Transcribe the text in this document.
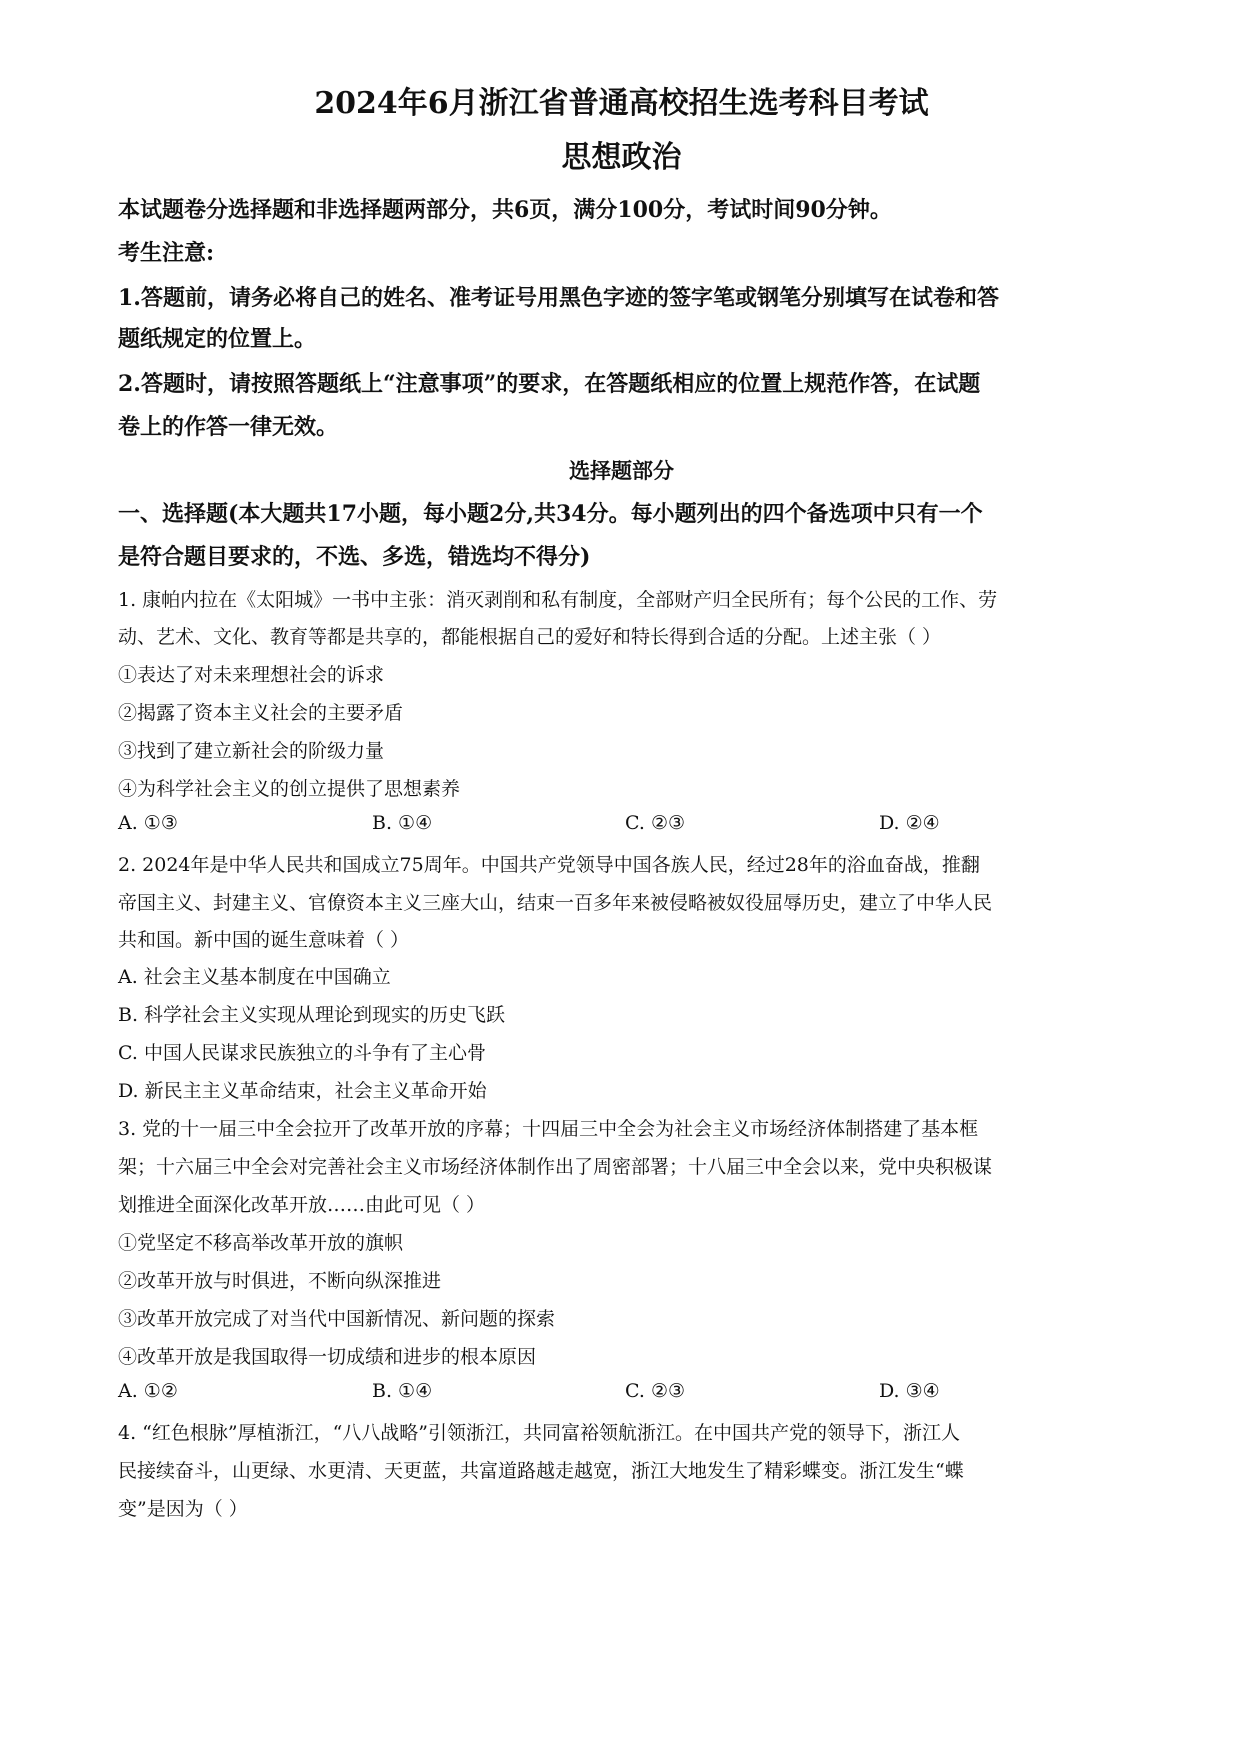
2024年6月浙江省普通高校招生选考科目考试
思想政治
本试题卷分选择题和非选择题两部分，共6页，满分100分，考试时间90分钟。
考生注意:
1.答题前，请务必将自己的姓名、准考证号用黑色字迹的签字笔或钢笔分别填写在试卷和答
题纸规定的位置上。
2.答题时，请按照答题纸上“注意事项”的要求，在答题纸相应的位置上规范作答，在试题
卷上的作答一律无效。
选择题部分
一、选择题(本大题共17小题，每小题2分,共34分。每小题列出的四个备选项中只有一个
是符合题目要求的，不选、多选，错选均不得分)
1. 康帕内拉在《太阳城》一书中主张：消灭剥削和私有制度，全部财产归全民所有；每个公民的工作、劳
动、艺术、文化、教育等都是共享的，都能根据自己的爱好和特长得到合适的分配。上述主张（ ）
①表达了对未来理想社会的诉求
②揭露了资本主义社会的主要矛盾
③找到了建立新社会的阶级力量
④为科学社会主义的创立提供了思想素养
A. ①③	B. ①④	C. ②③	D. ②④
2. 2024年是中华人民共和国成立75周年。中国共产党领导中国各族人民，经过28年的浴血奋战，推翻
帝国主义、封建主义、官僚资本主义三座大山，结束一百多年来被侵略被奴役屈辱历史，建立了中华人民
共和国。新中国的诞生意味着（ ）
A. 社会主义基本制度在中国确立
B. 科学社会主义实现从理论到现实的历史飞跃
C. 中国人民谋求民族独立的斗争有了主心骨
D. 新民主主义革命结束，社会主义革命开始
3. 党的十一届三中全会拉开了改革开放的序幕；十四届三中全会为社会主义市场经济体制搭建了基本框
架；十六届三中全会对完善社会主义市场经济体制作出了周密部署；十八届三中全会以来，党中央积极谋
划推进全面深化改革开放……由此可见（ ）
①党坚定不移高举改革开放的旗帜
②改革开放与时俱进，不断向纵深推进
③改革开放完成了对当代中国新情况、新问题的探索
④改革开放是我国取得一切成绩和进步的根本原因
A. ①②	B. ①④	C. ②③	D. ③④
4. “红色根脉”厚植浙江，“八八战略”引领浙江，共同富裕领航浙江。在中国共产党的领导下，浙江人
民接续奋斗，山更绿、水更清、天更蓝，共富道路越走越宽，浙江大地发生了精彩蝶变。浙江发生“蝶
变”是因为（ ）
